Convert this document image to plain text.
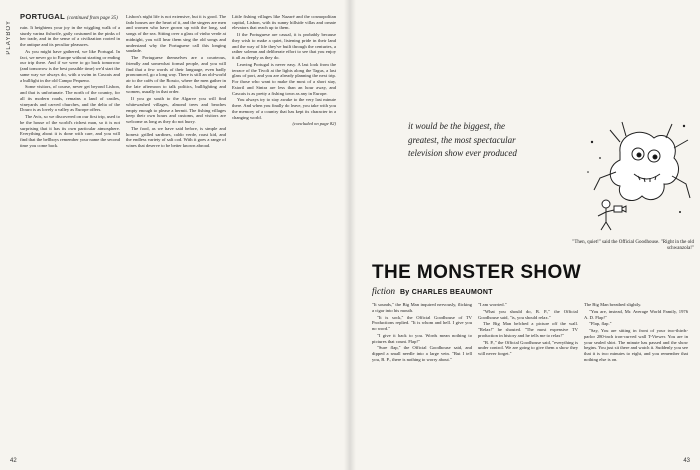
PLAYBOY
PORTUGAL (continued from page 35)

ruin. It heightens your joy in the wiggling walk of a sturdy varina fishwife, gaily costumed in the pinks of her trade, and in the sense of a civilization rooted in the antique and its peculiar pleasures.

As you might have gathered, we like Portugal. In fact, we never go to Europe without starting or ending our trip there. And if we were to go back tomorrow (and tomorrow is the best possible time) we'd start the same way we always do, with a swim in Cascais and a bullfight in the old Campo Pequeno.

Some visitors, of course, never get beyond Lisbon, and that is unfortunate. The north of the country, for all its modern roads, remains a land of castles, vineyards and carved churches, and the delta of the Douro is as lovely a valley as Europe offers.

The Avis, so we discovered on our first trip, used to be the house of the world's richest man, so it is not surprising that it has its own particular atmosphere. Everything about it is done with care, and you will find that the bellboys remember your name the second time you come back.

Lisbon's night life is not extensive, but it is good. The fado houses are the heart of it, and the singers are men and women who have grown up with the long, sad songs of the sea. Sitting over a glass of vinho verde at midnight, you will hear them sing the old songs and understand why the Portuguese call this longing saudade.

The Portuguese themselves are a courteous, friendly and somewhat formal people, and you will find that a few words of their language, even badly pronounced, go a long way. There is still an old-world air to the cafés of the Rossio, where the men gather in the late afternoon to talk politics, bullfighting and women, usually in that order.

If you go south to the Algarve you will find whitewashed villages, almond trees and beaches empty enough to please a hermit. The fishing villages keep their own hours and customs, and visitors are welcome as long as they do not hurry.

The food, as we have said before, is simple and honest: grilled sardines, caldo verde, roast kid, and the endless variety of salt cod. With it goes a range of wines that deserve to be better known abroad.

Little fishing villages like Nazaré and the cosmopolitan capital, Lisbon, with its sunny hillside villas and ornate elevators that reach up to them.

If the Portuguese are casual, it is probably because they wish to make a quiet, listening pride in their land and the way of life they've built through the centuries, a rather solemn and deliberate effort to see that you enjoy it all as deeply as they do.

Leaving Portugal is never easy. A last look from the terrace of the Tivoli at the lights along the Tagus, a last glass of port, and you are already planning the next trip. For those who want to make the most of a short stay, Estoril and Sintra are less than an hour away, and Cascais is as pretty a fishing town as any in Europe.

You always try to stay awake to the very last minute there. And when you finally do leave, you take with you the memory of a country that has kept its character in a changing world.

(concluded on page 82)

42
it would be the biggest, the greatest, the most spectacular television show ever produced
"Then, quiet!" said the Official Goodhouse. "Right in the old schwanzola!"
THE MONSTER SHOW
fiction By CHARLES BEAUMONT

"It sounds," the Big Man inquired nervously, flicking a cigar into his mouth.

"It is sock," the Official Goodhouse of TV Productions replied. "It is whom and hell. I give you no word."

"I give it back to you. Words mean nothing to pictures that count. Flap!"

"Sure flap," the Official Goodhouse said, and dipped a small needle into a large vein. "But I tell you, B. P., there is nothing to worry about."

"I am worried."

"What you should do, B. P.," the Official Goodhouse said, "is, you should relax."

The Big Man belched a picture off the wall. "Relax!" he shouted. "The most expensive TV production in history and he tells me to relax!"

"B. P.," the Official Goodhouse said, "everything is under control. We are going to give them a show they will never forget."

The Big Man breathed slightly.

"You are, instead, Mr. Average World Family, 1976 A. D. Flap!"

"Flap, flap."

"Say, You are sitting in front of your two-thirds-parlor 280-inch iron-curved wall T-Viewer. You are in your sealed shirt. The minute has passed and the show begins. You just sit there and watch it. Suddenly you see that it is two minutes to eight, and you remember that nothing else is on.

43
